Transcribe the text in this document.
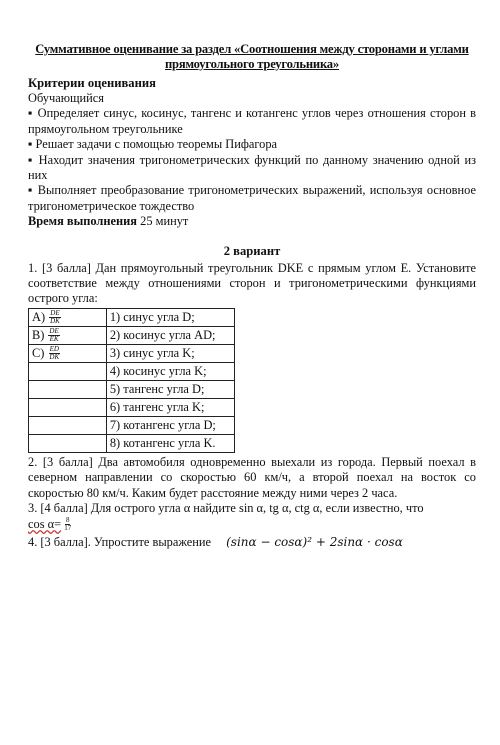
Суммативное оценивание за раздел «Соотношения между сторонами и углами прямоугольного треугольника»
Критерии оценивания
Обучающийся
▪ Определяет синус, косинус, тангенс и котангенс углов через отношения сторон в прямоугольном треугольнике
▪ Решает задачи с помощью теоремы Пифагора
▪ Находит значения тригонометрических функций по данному значению одной из них
▪ Выполняет преобразование тригонометрических выражений, используя основное тригонометрическое тождество
Время выполнения 25 минут
2 вариант
1. [3 балла] Дан прямоугольный треугольник DKE с прямым углом E. Установите соответствие между отношениями сторон и тригонометрическими функциями острого угла:
$A) \frac{DE}{DK}$	1) синус угла D;

$B) \frac{DE}{EK}$	2) косинус угла AD;

$C) \frac{ED}{DK}$	3) синус угла K;
	4) косинус угла K;
	5) тангенс угла D;
	6) тангенс угла K;
	7) котангенс угла D;
	8) котангенс угла K.
2. [3 балла] Два автомобиля одновременно выехали из города. Первый поехал в северном направлении со скоростью 60 км/ч, а второй поехал на восток со скоростью 80 км/ч. Каким будет расстояние между ними через 2 часа.
3. [4 балла] Для острого угла α найдите sin α, tg α, ctg α, если известно, что
$\cos \alpha= \frac{8}{17}$
4. [3 балла]. Упростите выражение (sinα − cosα)² + 2sinα · cosα
